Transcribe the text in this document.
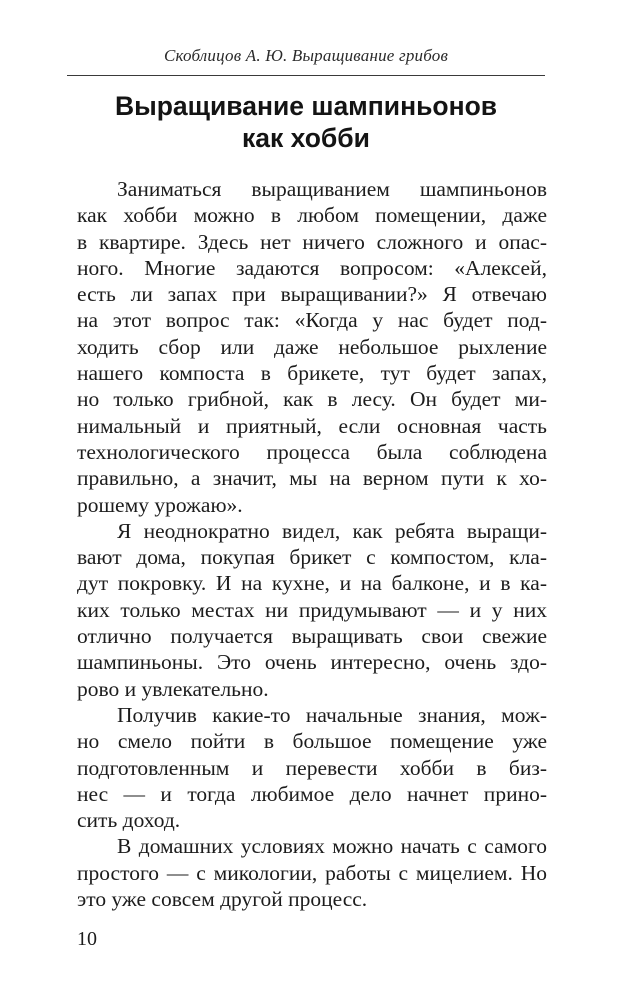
Скоблицов А. Ю. Выращивание грибов
Выращивание шампиньонов
как хобби
Заниматься выращиванием шампиньонов
как хобби можно в любом помещении, даже
в квартире. Здесь нет ничего сложного и опас-
ного. Многие задаются вопросом: «Алексей,
есть ли запах при выращивании?» Я отвечаю
на этот вопрос так: «Когда у нас будет под-
ходить сбор или даже небольшое рыхление
нашего компоста в брикете, тут будет запах,
но только грибной, как в лесу. Он будет ми-
нимальный и приятный, если основная часть
технологического процесса была соблюдена
правильно, а значит, мы на верном пути к хо-
рошему урожаю».
Я неоднократно видел, как ребята выращи-
вают дома, покупая брикет с компостом, кла-
дут покровку. И на кухне, и на балконе, и в ка-
ких только местах ни придумывают — и у них
отлично получается выращивать свои свежие
шампиньоны. Это очень интересно, очень здо-
рово и увлекательно.
Получив какие-то начальные знания, мож-
но смело пойти в большое помещение уже
подготовленным и перевести хобби в биз-
нес — и тогда любимое дело начнет прино-
сить доход.
В домашних условиях можно начать с самого
простого — с микологии, работы с мицелием. Но
это уже совсем другой процесс.
10
